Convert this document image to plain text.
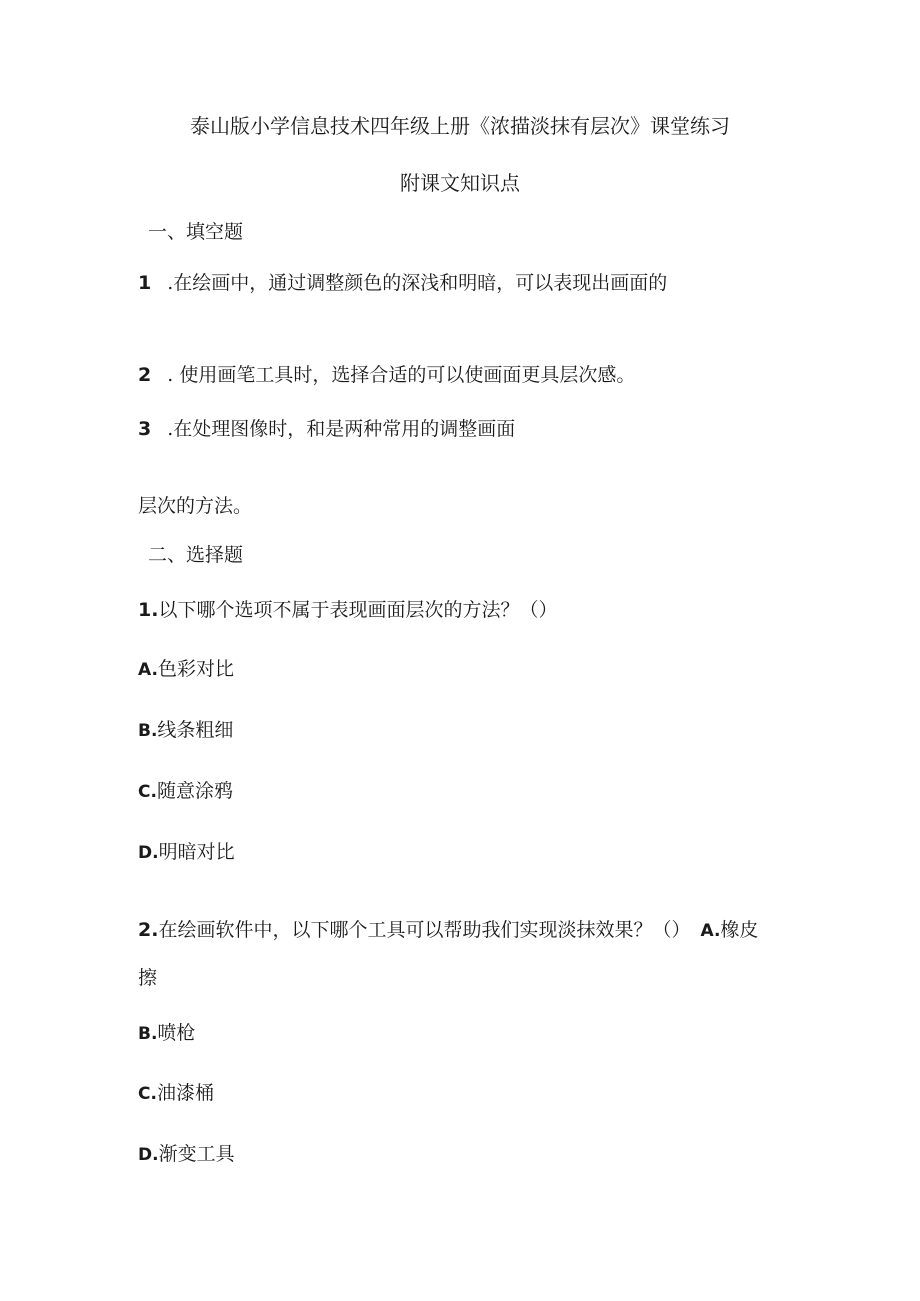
泰山版小学信息技术四年级上册《浓描淡抹有层次》课堂练习
附课文知识点
一、填空题
1 .在绘画中，通过调整颜色的深浅和明暗，可以表现出画面的
2 . 使用画笔工具时，选择合适的可以使画面更具层次感。
3 .在处理图像时，和是两种常用的调整画面
层次的方法。
二、选择题
1.以下哪个选项不属于表现画面层次的方法？（）
A.色彩对比
B.线条粗细
C.随意涂鸦
D.明暗对比
2.在绘画软件中，以下哪个工具可以帮助我们实现淡抹效果？（） A.橡皮
擦
B.喷枪
C.油漆桶
D.渐变工具
